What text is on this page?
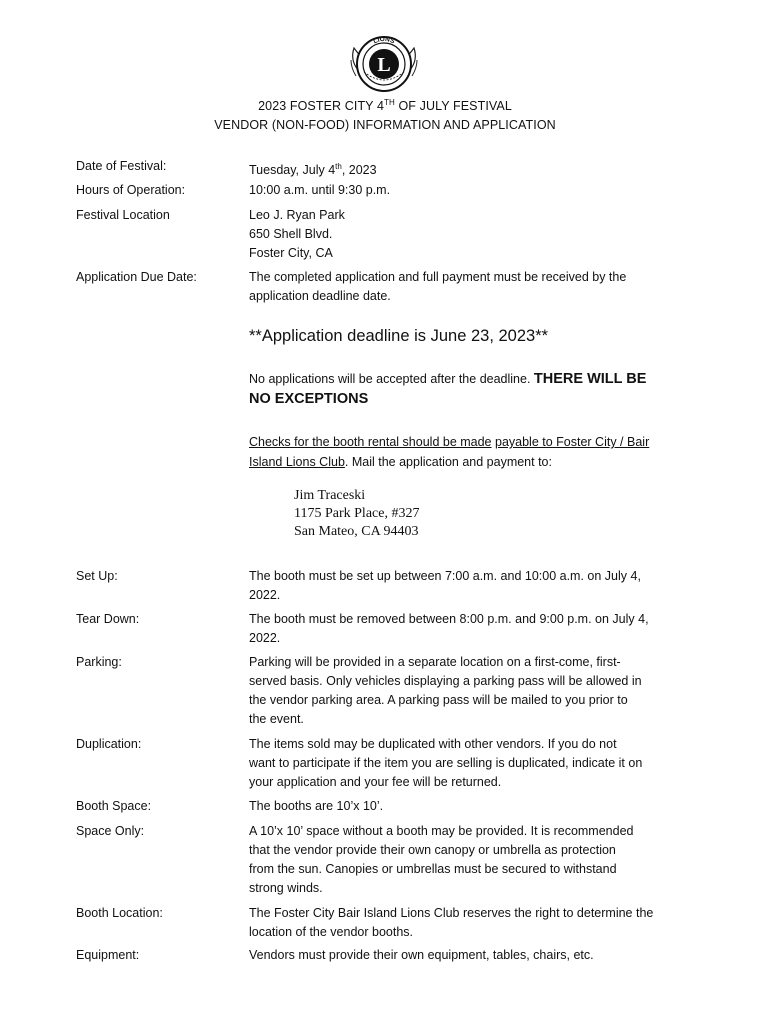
L
LIONS
2023 FOSTER CITY 4TH OF JULY FESTIVAL
VENDOR (NON-FOOD) INFORMATION AND APPLICATION
Date of Festival:	Tuesday, July 4th, 2023
Hours of Operation:	10:00 a.m. until 9:30 p.m.
Festival Location	Leo J. Ryan Park
650 Shell Blvd.
Foster City, CA
Application Due Date:	The completed application and full payment must be received by the
application deadline date.
**Application deadline is June 23, 2023**
No applications will be accepted after the deadline. THERE WILL BE
NO EXCEPTIONS
Checks for the booth rental should be made payable to Foster City / Bair
Island Lions Club. Mail the application and payment to:
Jim Traceski
1175 Park Place, #327
San Mateo, CA 94403
Set Up:	The booth must be set up between 7:00 a.m. and 10:00 a.m. on July 4,
2022.
Tear Down:	The booth must be removed between 8:00 p.m. and 9:00 p.m. on July 4,
2022.
Parking:	Parking will be provided in a separate location on a first-come, first-
served basis. Only vehicles displaying a parking pass will be allowed in
the vendor parking area. A parking pass will be mailed to you prior to
the event.
Duplication:	The items sold may be duplicated with other vendors. If you do not
want to participate if the item you are selling is duplicated, indicate it on
your application and your fee will be returned.
Booth Space:	The booths are 10’x 10’.
Space Only:	A 10’x 10’ space without a booth may be provided. It is recommended
that the vendor provide their own canopy or umbrella as protection
from the sun. Canopies or umbrellas must be secured to withstand
strong winds.
Booth Location:	The Foster City Bair Island Lions Club reserves the right to determine the
location of the vendor booths.
Equipment:	Vendors must provide their own equipment, tables, chairs, etc.
